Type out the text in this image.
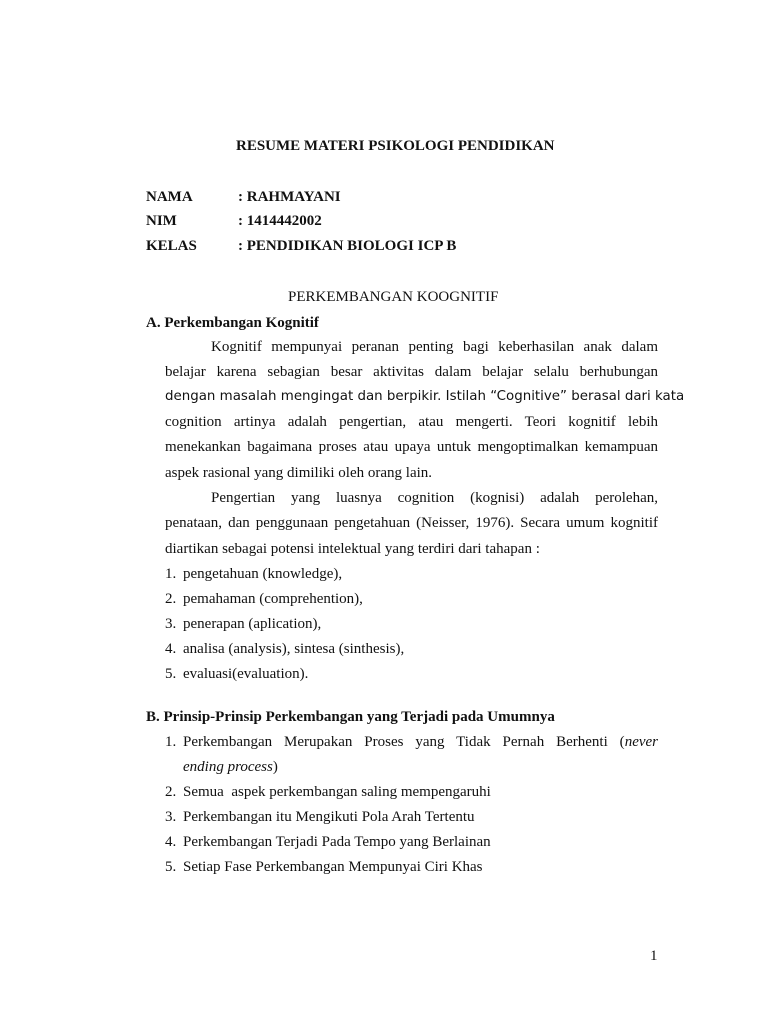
RESUME MATERI PSIKOLOGI PENDIDIKAN
NAMA	: RAHMAYANI
NIM	: 1414442002
KELAS	: PENDIDIKAN BIOLOGI ICP B
PERKEMBANGAN KOOGNITIF
A. Perkembangan Kognitif
Kognitif mempunyai peranan penting bagi keberhasilan anak dalam
belajar karena sebagian besar aktivitas dalam belajar selalu berhubungan
dengan masalah mengingat dan berpikir. Istilah “Cognitive” berasal dari kata
cognition artinya adalah pengertian, atau mengerti. Teori kognitif lebih
menekankan bagaimana proses atau upaya untuk mengoptimalkan kemampuan
aspek rasional yang dimiliki oleh orang lain.
Pengertian yang luasnya cognition (kognisi) adalah perolehan,
penataan, dan penggunaan pengetahuan (Neisser, 1976). Secara umum kognitif
diartikan sebagai potensi intelektual yang terdiri dari tahapan :
1. pengetahuan (knowledge),
2. pemahaman (comprehention),
3. penerapan (aplication),
4. analisa (analysis), sintesa (sinthesis),
5. evaluasi(evaluation).
B. Prinsip-Prinsip Perkembangan yang Terjadi pada Umumnya
1. Perkembangan Merupakan Proses yang Tidak Pernah Berhenti (never
ending process)
2. Semua  aspek perkembangan saling mempengaruhi
3. Perkembangan itu Mengikuti Pola Arah Tertentu
4. Perkembangan Terjadi Pada Tempo yang Berlainan
5. Setiap Fase Perkembangan Mempunyai Ciri Khas
1
